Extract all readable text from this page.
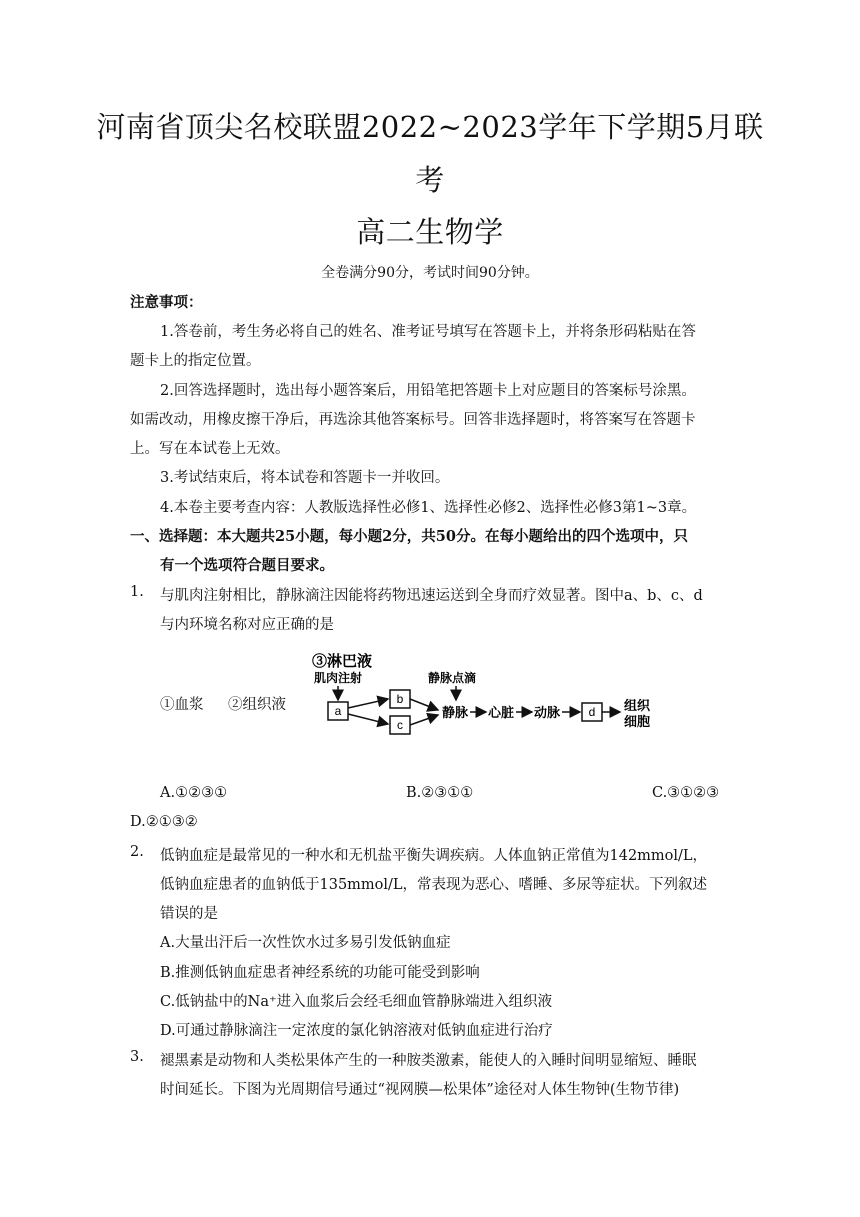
河南省顶尖名校联盟2022~2023学年下学期5月联
考
高二生物学
全卷满分90分，考试时间90分钟。
注意事项：
1.答卷前，考生务必将自己的姓名、准考证号填写在答题卡上，并将条形码粘贴在答
题卡上的指定位置。
2.回答选择题时，选出每小题答案后，用铅笔把答题卡上对应题目的答案标号涂黑。
如需改动，用橡皮擦干净后，再选涂其他答案标号。回答非选择题时，将答案写在答题卡
上。写在本试卷上无效。
3.考试结束后，将本试卷和答题卡一并收回。
4.本卷主要考查内容：人教版选择性必修1、选择性必修2、选择性必修3第1~3章。
一、选择题：本大题共25小题，每小题2分，共50分。在每小题给出的四个选项中，只
有一个选项符合题目要求。
1. 与肌肉注射相比，静脉滴注因能将药物迅速运送到全身而疗效显著。图中a、b、c、d
与内环境名称对应正确的是
①血浆 ②组织液
③淋巴液
肌肉注射	静脉点滴
a
b
c
静脉 心脏 动脉 d 组织
细胞
A.①②③①	B.②③①①	C.③①②③
D.②①③②
2. 低钠血症是最常见的一种水和无机盐平衡失调疾病。人体血钠正常值为142mmol/L，
低钠血症患者的血钠低于135mmol/L，常表现为恶心、嗜睡、多尿等症状。下列叙述
错误的是
A.大量出汗后一次性饮水过多易引发低钠血症
B.推测低钠血症患者神经系统的功能可能受到影响
C.低钠盐中的Na⁺进入血浆后会经毛细血管静脉端进入组织液
D.可通过静脉滴注一定浓度的氯化钠溶液对低钠血症进行治疗
3. 褪黑素是动物和人类松果体产生的一种胺类激素，能使人的入睡时间明显缩短、睡眠
时间延长。下图为光周期信号通过“视网膜—松果体”途径对人体生物钟(生物节律)
